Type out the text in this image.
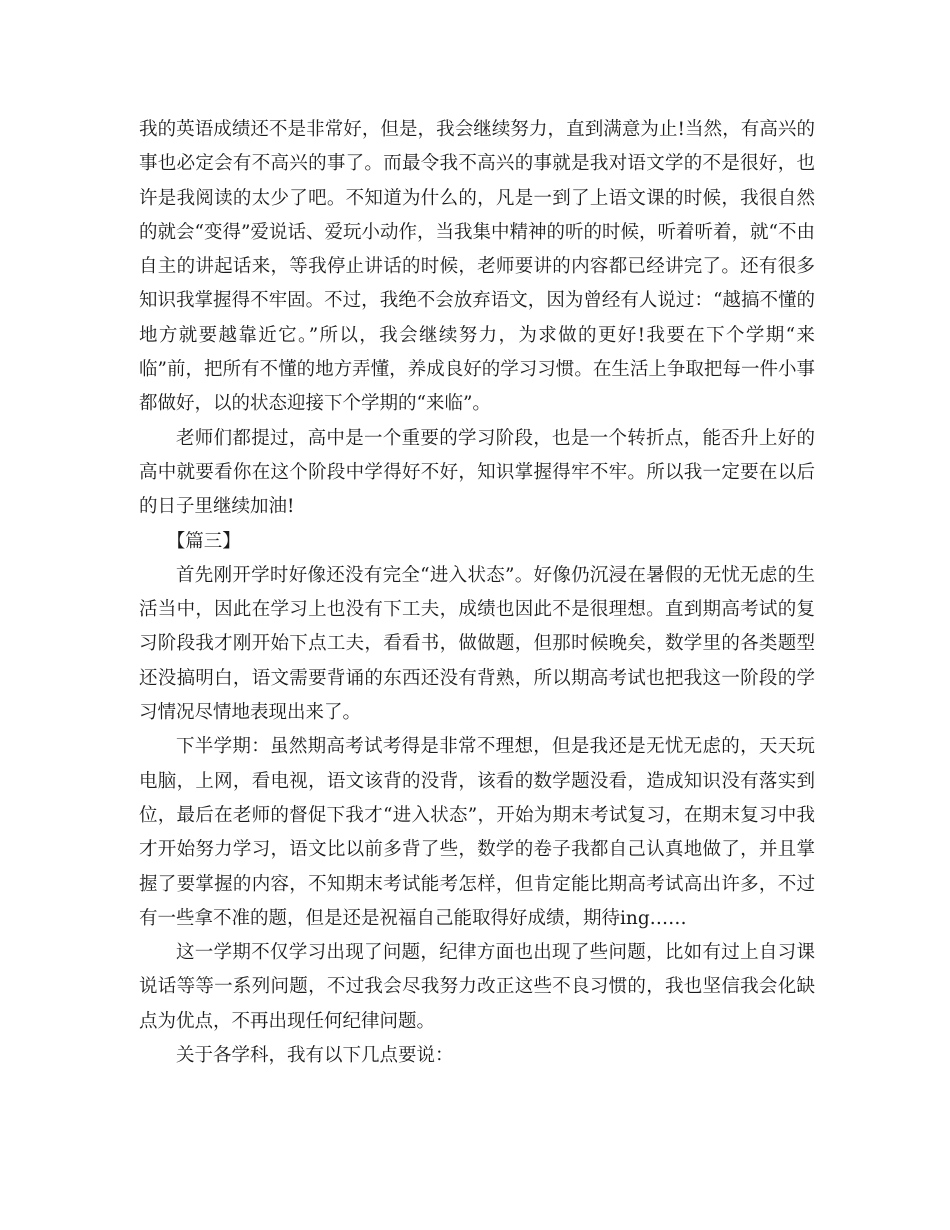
我的英语成绩还不是非常好，但是，我会继续努力，直到满意为止!当然，有高兴的事也必定会有不高兴的事了。而最令我不高兴的事就是我对语文学的不是很好，也许是我阅读的太少了吧。不知道为什么的，凡是一到了上语文课的时候，我很自然的就会“变得”爱说话、爱玩小动作，当我集中精神的听的时候，听着听着，就“不由自主的讲起话来，等我停止讲话的时候，老师要讲的内容都已经讲完了。还有很多知识我掌握得不牢固。不过，我绝不会放弃语文，因为曾经有人说过：“越搞不懂的地方就要越靠近它。”所以，我会继续努力，为求做的更好!我要在下个学期“来临”前，把所有不懂的地方弄懂，养成良好的学习习惯。在生活上争取把每一件小事都做好，以的状态迎接下个学期的“来临”。

老师们都提过，高中是一个重要的学习阶段，也是一个转折点，能否升上好的高中就要看你在这个阶段中学得好不好，知识掌握得牢不牢。所以我一定要在以后的日子里继续加油!

【篇三】

首先刚开学时好像还没有完全“进入状态”。好像仍沉浸在暑假的无忧无虑的生活当中，因此在学习上也没有下工夫，成绩也因此不是很理想。直到期高考试的复习阶段我才刚开始下点工夫，看看书，做做题，但那时候晚矣，数学里的各类题型还没搞明白，语文需要背诵的东西还没有背熟，所以期高考试也把我这一阶段的学习情况尽情地表现出来了。

下半学期：虽然期高考试考得是非常不理想，但是我还是无忧无虑的，天天玩电脑，上网，看电视，语文该背的没背，该看的数学题没看，造成知识没有落实到位，最后在老师的督促下我才“进入状态”，开始为期末考试复习，在期末复习中我才开始努力学习，语文比以前多背了些，数学的卷子我都自己认真地做了，并且掌握了要掌握的内容，不知期末考试能考怎样，但肯定能比期高考试高出许多，不过有一些拿不准的题，但是还是祝福自己能取得好成绩，期待ing……

这一学期不仅学习出现了问题，纪律方面也出现了些问题，比如有过上自习课说话等等一系列问题，不过我会尽我努力改正这些不良习惯的，我也坚信我会化缺点为优点，不再出现任何纪律问题。

关于各学科，我有以下几点要说：
